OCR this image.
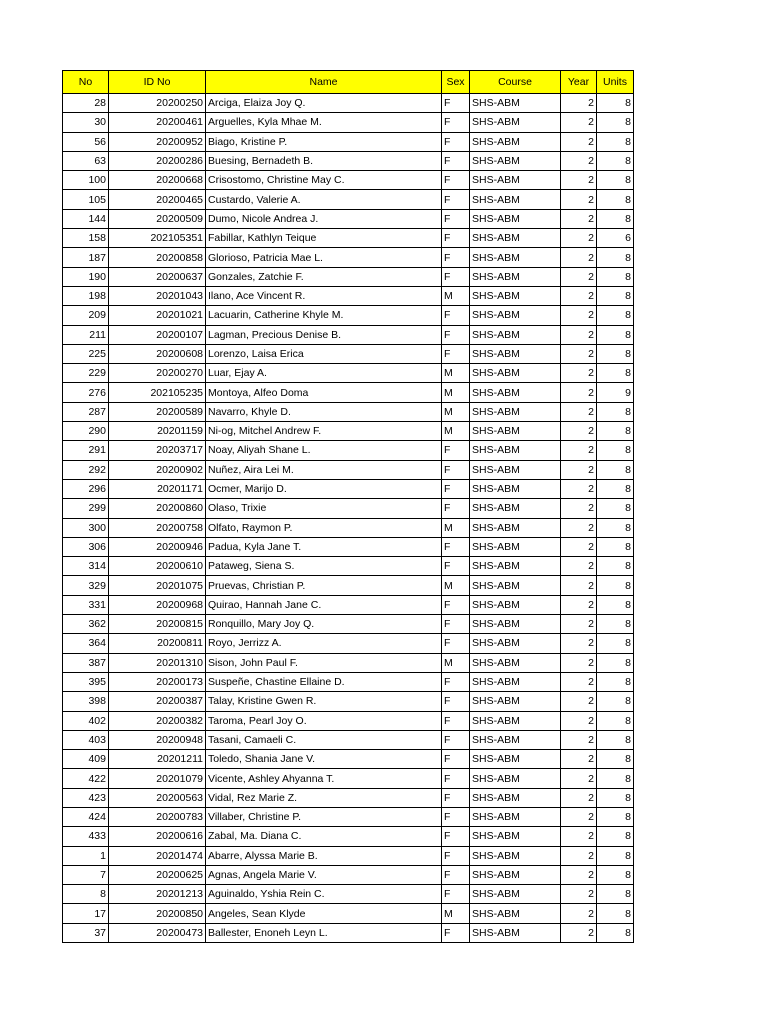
No	ID No	Name	Sex	Course	Year	Units
28	20200250	Arciga, Elaiza Joy Q.	F	SHS-ABM	2	8
30	20200461	Arguelles, Kyla Mhae M.	F	SHS-ABM	2	8
56	20200952	Biago, Kristine P.	F	SHS-ABM	2	8
63	20200286	Buesing, Bernadeth B.	F	SHS-ABM	2	8
100	20200668	Crisostomo, Christine May C.	F	SHS-ABM	2	8
105	20200465	Custardo, Valerie A.	F	SHS-ABM	2	8
144	20200509	Dumo, Nicole Andrea J.	F	SHS-ABM	2	8
158	202105351	Fabillar, Kathlyn Teique	F	SHS-ABM	2	6
187	20200858	Glorioso, Patricia Mae L.	F	SHS-ABM	2	8
190	20200637	Gonzales, Zatchie F.	F	SHS-ABM	2	8
198	20201043	Ilano, Ace Vincent R.	M	SHS-ABM	2	8
209	20201021	Lacuarin, Catherine Khyle M.	F	SHS-ABM	2	8
211	20200107	Lagman, Precious Denise B.	F	SHS-ABM	2	8
225	20200608	Lorenzo, Laisa Erica	F	SHS-ABM	2	8
229	20200270	Luar, Ejay A.	M	SHS-ABM	2	8
276	202105235	Montoya, Alfeo Doma	M	SHS-ABM	2	9
287	20200589	Navarro, Khyle D.	M	SHS-ABM	2	8
290	20201159	Ni-og, Mitchel Andrew F.	M	SHS-ABM	2	8
291	20203717	Noay, Aliyah Shane L.	F	SHS-ABM	2	8
292	20200902	Nuñez, Aira Lei M.	F	SHS-ABM	2	8
296	20201171	Ocmer, Marijo D.	F	SHS-ABM	2	8
299	20200860	Olaso, Trixie	F	SHS-ABM	2	8
300	20200758	Olfato, Raymon P.	M	SHS-ABM	2	8
306	20200946	Padua, Kyla Jane T.	F	SHS-ABM	2	8
314	20200610	Pataweg, Siena S.	F	SHS-ABM	2	8
329	20201075	Pruevas, Christian P.	M	SHS-ABM	2	8
331	20200968	Quirao, Hannah Jane C.	F	SHS-ABM	2	8
362	20200815	Ronquillo, Mary Joy Q.	F	SHS-ABM	2	8
364	20200811	Royo, Jerrizz A.	F	SHS-ABM	2	8
387	20201310	Sison, John Paul F.	M	SHS-ABM	2	8
395	20200173	Suspeñe, Chastine Ellaine D.	F	SHS-ABM	2	8
398	20200387	Talay, Kristine Gwen R.	F	SHS-ABM	2	8
402	20200382	Taroma, Pearl Joy O.	F	SHS-ABM	2	8
403	20200948	Tasani, Camaeli C.	F	SHS-ABM	2	8
409	20201211	Toledo, Shania Jane V.	F	SHS-ABM	2	8
422	20201079	Vicente, Ashley Ahyanna T.	F	SHS-ABM	2	8
423	20200563	Vidal, Rez Marie Z.	F	SHS-ABM	2	8
424	20200783	Villaber, Christine P.	F	SHS-ABM	2	8
433	20200616	Zabal, Ma. Diana C.	F	SHS-ABM	2	8
1	20201474	Abarre, Alyssa Marie B.	F	SHS-ABM	2	8
7	20200625	Agnas, Angela Marie V.	F	SHS-ABM	2	8
8	20201213	Aguinaldo, Yshia Rein C.	F	SHS-ABM	2	8
17	20200850	Angeles, Sean Klyde	M	SHS-ABM	2	8
37	20200473	Ballester, Enoneh Leyn L.	F	SHS-ABM	2	8
